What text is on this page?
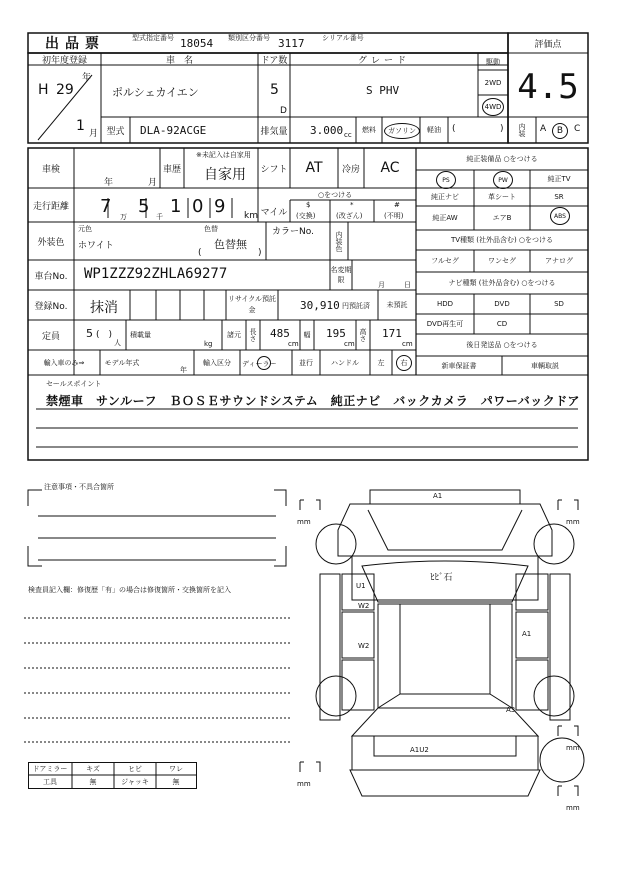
出品票	型式指定番号 18054 類別区分番号 3117	シリアル番号
評価点
4.5
初年度登録
H 29
年
1 月
車　名
ポルシェカイエン
ドア数
5
D
グレード
S PHV
駆動
2WD
4WD
型式	DLA-92ACGE	排気量 3.000 cc
燃料	ガソリン	軽油	(	)	内装	A	B	C
車検
年	月
車歴
※未記入は自家用
自家用 シフト	AT	冷房	AC
走行距離 7 万 5 千 1 0 9 km マイル
○をつける
$
(交換)
*
(改ざん)
#
(不明)
外装色
元色
ホワイト
色替
色替無
(	)
カラーNo.	内装色
車台No.	WP1ZZZ92ZHLA69277	名変期限
月	日
登録No.	抹消
リサイクル預託金	30,910 円預託済	未預託
定員	5 (　)
人
積載量
kg
諸元	長さ 485
cm
幅	195
cm
高さ 171
cm
輸入車のみ⇒	モデル年式
年
輸入区分	ディーラー	並行	ハンドル	左	右
純正装備品 ○をつける
PS	PW	純正TV
純正ナビ	革シート	SR
純正AW	エアB	ABS
TV種類 (社外品含む) ○をつける
フルセグ	ワンセグ	アナログ
ナビ種類 (社外品含む) ○をつける
HDD	DVD	SD
DVD再生可	CD
後日発送品 ○をつける
新車保証書	車輌取説
セールスポイント
禁煙車　サンルーフ　ＢＯＳＥサウンドシステム　純正ナビ　バックカメラ　パワーバックドア
注意事項・不具合箇所
検査員記入欄：修復歴「有」の場合は修復箇所・交換箇所を記入
ドアミラー	キズ	ヒビ	ワレ
工具	無	ジャッキ	無
A1
ﾋﾋﾞ石
U1
W2
W2
A1
A3
A1U2
mm	mm
mm
mm
mm
